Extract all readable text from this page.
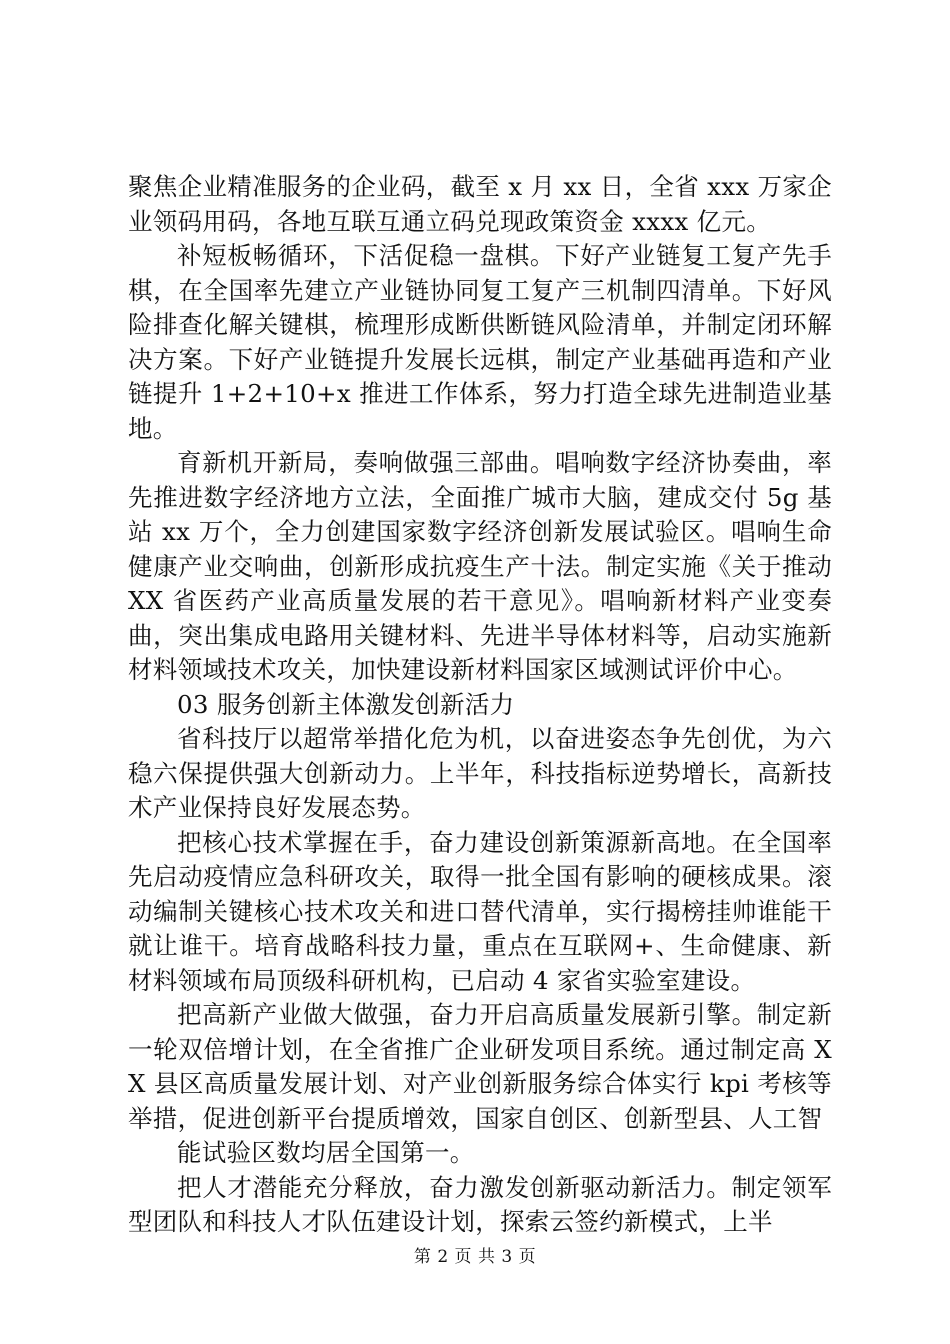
聚焦企业精准服务的企业码，截至 x 月 xx 日，全省 xxx 万家企业领码用码，各地互联互通立码兑现政策资金 xxxx 亿元。

补短板畅循环，下活促稳一盘棋。下好产业链复工复产先手棋，在全国率先建立产业链协同复工复产三机制四清单。下好风险排查化解关键棋，梳理形成断供断链风险清单，并制定闭环解决方案。下好产业链提升发展长远棋，制定产业基础再造和产业链提升 1+2+10+x 推进工作体系，努力打造全球先进制造业基地。

育新机开新局，奏响做强三部曲。唱响数字经济协奏曲，率先推进数字经济地方立法，全面推广城市大脑，建成交付 5g 基站 xx 万个，全力创建国家数字经济创新发展试验区。唱响生命健康产业交响曲，创新形成抗疫生产十法。制定实施《关于推动 XX 省医药产业高质量发展的若干意见》。唱响新材料产业变奏曲，突出集成电路用关键材料、先进半导体材料等，启动实施新材料领域技术攻关，加快建设新材料国家区域测试评价中心。

03 服务创新主体激发创新活力

省科技厅以超常举措化危为机，以奋进姿态争先创优，为六稳六保提供强大创新动力。上半年，科技指标逆势增长，高新技术产业保持良好发展态势。

把核心技术掌握在手，奋力建设创新策源新高地。在全国率先启动疫情应急科研攻关，取得一批全国有影响的硬核成果。滚动编制关键核心技术攻关和进口替代清单，实行揭榜挂帅谁能干就让谁干。培育战略科技力量，重点在互联网+、生命健康、新材料领域布局顶级科研机构，已启动 4 家省实验室建设。

把高新产业做大做强，奋力开启高质量发展新引擎。制定新一轮双倍增计划，在全省推广企业研发项目系统。通过制定高 XX 县区高质量发展计划、对产业创新服务综合体实行 kpi 考核等举措，促进创新平台提质增效，国家自创区、创新型县、人工智

能试验区数均居全国第一。

把人才潜能充分释放，奋力激发创新驱动新活力。制定领军型团队和科技人才队伍建设计划，探索云签约新模式，上半

第 2 页 共 3 页
